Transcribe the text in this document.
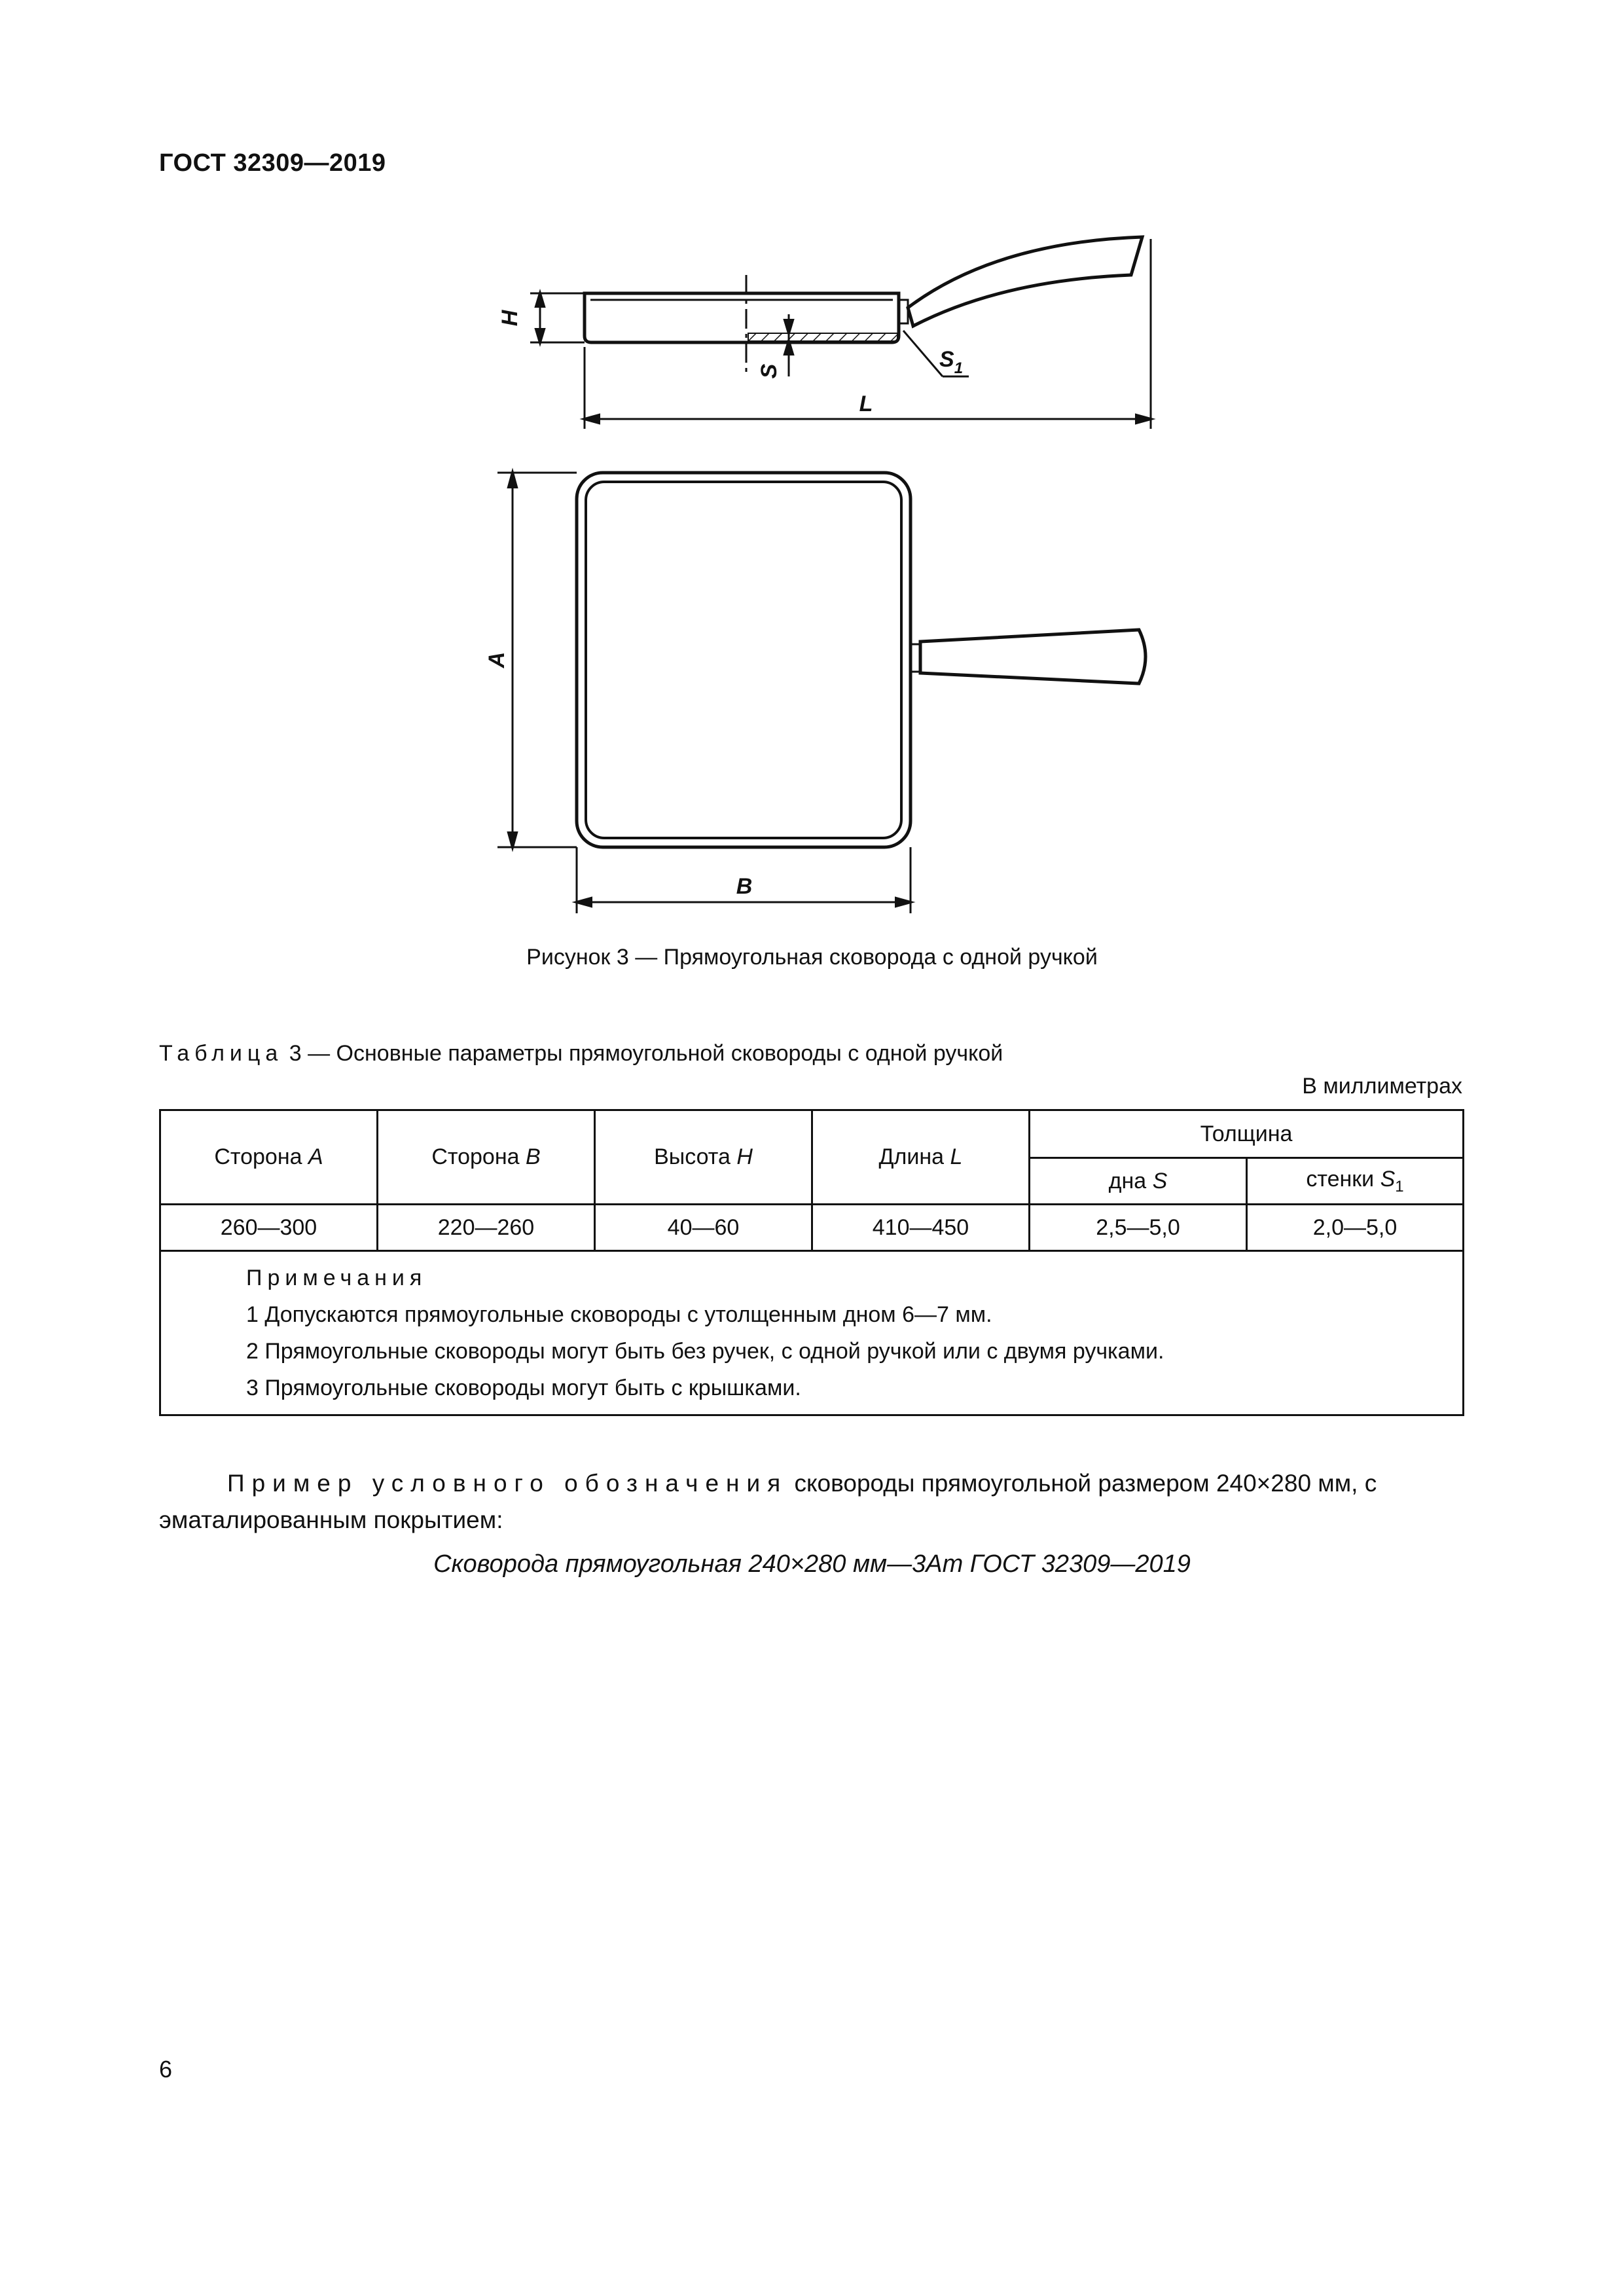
ГОСТ 32309—2019
H
S	$S_1$
L
A
B
Рисунок 3 — Прямоугольная сковорода с одной ручкой
Таблица 3 — Основные параметры прямоугольной сковороды с одной ручкой
В миллиметрах
Сторона A	Сторона B	Высота H	Длина L	Толщина	
				дна S	стенки $S_1$
260—300	220—260	40—60	410—450	2,5—5,0	2,0—5,0

Примечания
1 Допускаются прямоугольные сковороды с утолщенным дном 6—7 мм.
2 Прямоугольные сковороды могут быть без ручек, с одной ручкой или с двумя ручками.
3 Прямоугольные сковороды могут быть с крышками.					
Пример условного обозначения сковороды прямоугольной размером 240×280 мм, с эматалированным покрытием:
Сковорода прямоугольная 240×280 мм—3Ат ГОСТ 32309—2019
6
